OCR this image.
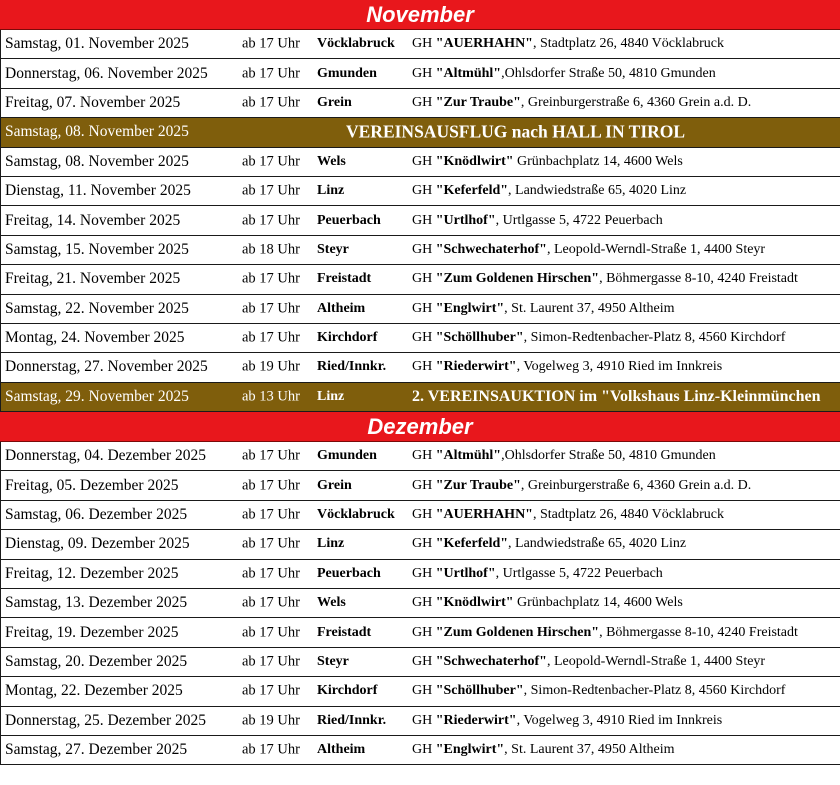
November
Samstag, 01. November 2025	ab 17 Uhr Vöcklabruck GH "AUERHAHN", Stadtplatz 26, 4840 Vöcklabruck
Donnerstag, 06. November 2025 ab 17 Uhr Gmunden	GH "Altmühl",Ohlsdorfer Straße 50, 4810 Gmunden
Freitag, 07. November 2025	ab 17 Uhr Grein	GH "Zur Traube", Greinburgerstraße 6, 4360 Grein a.d. D.
Samstag, 08. November 2025	VEREINSAUSFLUG nach HALL IN TIROL
Samstag, 08. November 2025	ab 17 Uhr Wels	GH "Knödlwirt" Grünbachplatz 14, 4600 Wels
Dienstag, 11. November 2025	ab 17 Uhr Linz	GH "Keferfeld", Landwiedstraße 65, 4020 Linz
Freitag, 14. November 2025	ab 17 Uhr Peuerbach GH "Urtlhof", Urtlgasse 5, 4722 Peuerbach
Samstag, 15. November 2025	ab 18 Uhr Steyr	GH "Schwechaterhof", Leopold-Werndl-Straße 1, 4400 Steyr
Freitag, 21. November 2025	ab 17 Uhr Freistadt	GH "Zum Goldenen Hirschen", Böhmergasse 8-10, 4240 Freistadt
Samstag, 22. November 2025	ab 17 Uhr Altheim	GH "Englwirt", St. Laurent 37, 4950 Altheim
Montag, 24. November 2025	ab 17 Uhr Kirchdorf GH "Schöllhuber", Simon-Redtenbacher-Platz 8, 4560 Kirchdorf
Donnerstag, 27. November 2025 ab 19 Uhr Ried/Innkr. GH "Riederwirt", Vogelweg 3, 4910 Ried im Innkreis
Samstag, 29. November 2025	ab 13 Uhr Linz	2. VEREINSAUKTION im "Volkshaus Linz-Kleinmünchen
Dezember
Donnerstag, 04. Dezember 2025 ab 17 Uhr Gmunden	GH "Altmühl",Ohlsdorfer Straße 50, 4810 Gmunden
Freitag, 05. Dezember 2025	ab 17 Uhr Grein	GH "Zur Traube", Greinburgerstraße 6, 4360 Grein a.d. D.
Samstag, 06. Dezember 2025	ab 17 Uhr Vöcklabruck GH "AUERHAHN", Stadtplatz 26, 4840 Vöcklabruck
Dienstag, 09. Dezember 2025	ab 17 Uhr Linz	GH "Keferfeld", Landwiedstraße 65, 4020 Linz
Freitag, 12. Dezember 2025	ab 17 Uhr Peuerbach GH "Urtlhof", Urtlgasse 5, 4722 Peuerbach
Samstag, 13. Dezember 2025	ab 17 Uhr Wels	GH "Knödlwirt" Grünbachplatz 14, 4600 Wels
Freitag, 19. Dezember 2025	ab 17 Uhr Freistadt	GH "Zum Goldenen Hirschen", Böhmergasse 8-10, 4240 Freistadt
Samstag, 20. Dezember 2025	ab 17 Uhr Steyr	GH "Schwechaterhof", Leopold-Werndl-Straße 1, 4400 Steyr
Montag, 22. Dezember 2025	ab 17 Uhr Kirchdorf GH "Schöllhuber", Simon-Redtenbacher-Platz 8, 4560 Kirchdorf
Donnerstag, 25. Dezember 2025 ab 19 Uhr Ried/Innkr. GH "Riederwirt", Vogelweg 3, 4910 Ried im Innkreis
Samstag, 27. Dezember 2025	ab 17 Uhr Altheim	GH "Englwirt", St. Laurent 37, 4950 Altheim
